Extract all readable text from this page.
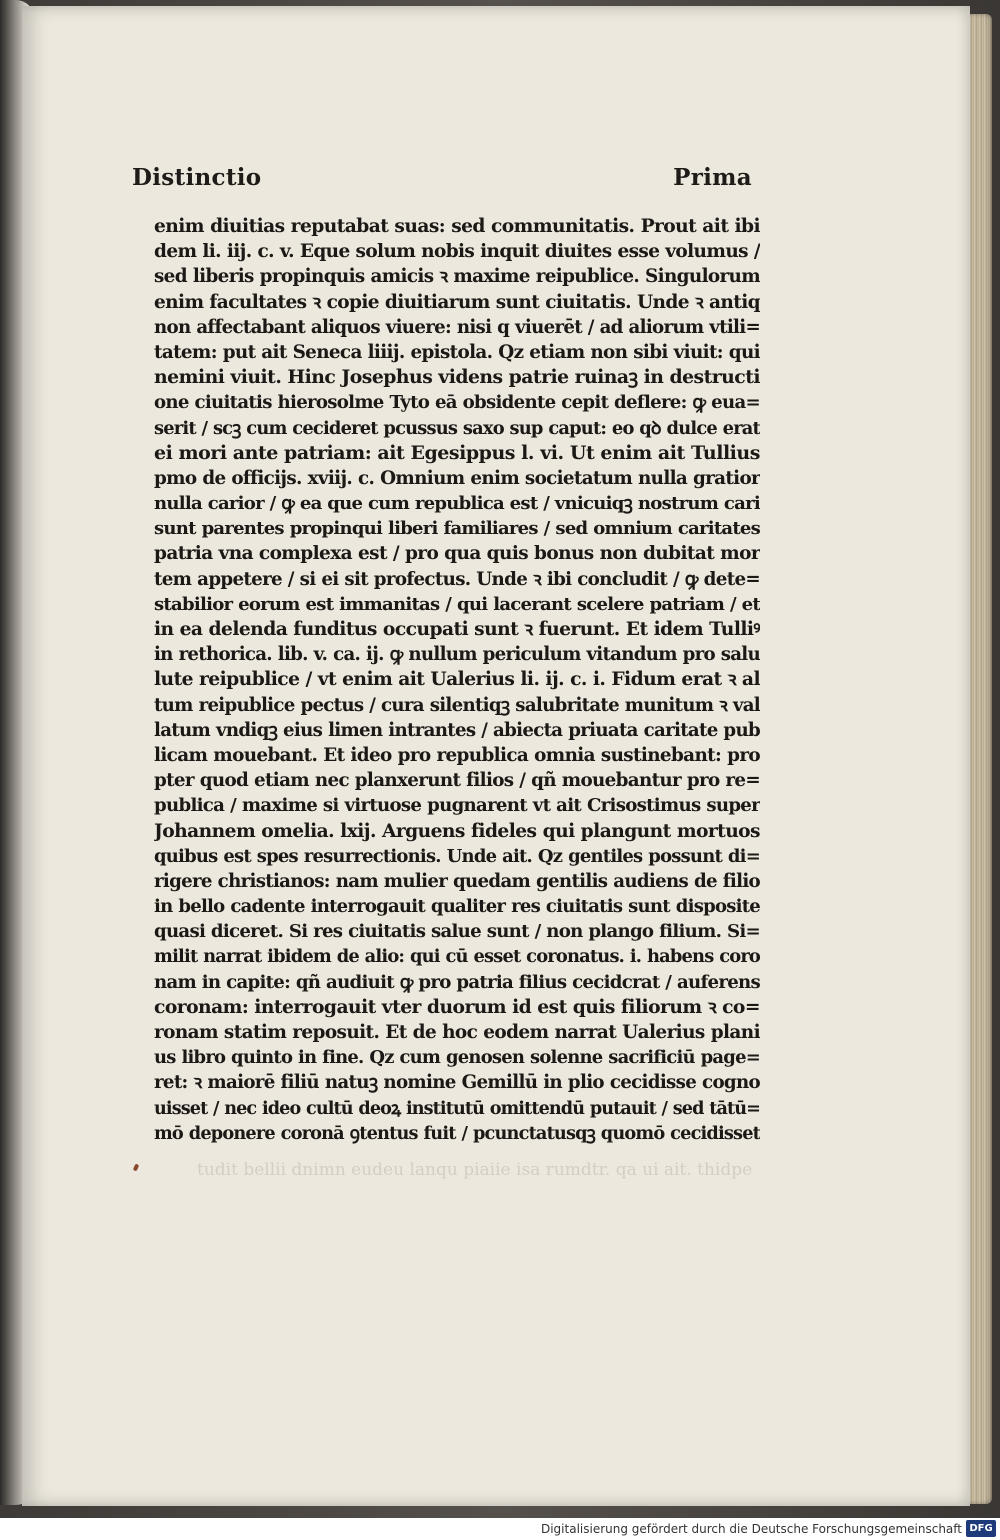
Distinctio	Prima
enim diuitias reputabat suas: sed communitatis. Prout ait ibi
dem li. iij. c. v. Eque solum nobis inquit diuites esse volumus /
sed liberis propinquis amicis ꝛ maxime reipublice. Singulorum
enim facultates ꝛ copie diuitiarum sunt ciuitatis. Unde ꝛ antiq
non affectabant aliquos viuere: nisi q viuerēt / ad aliorum vtili=
tatem: put ait Seneca liiij. epistola. Qz etiam non sibi viuit: qui
nemini viuit. Hinc Josephus videns patrie ruinaꝫ in destructi
one ciuitatis hierosolme Tyto eā obsidente cepit deflere: ꝙ eua=
serit / scꝫ cum cecideret pcussus saxo sup caput: eo qꝺ dulce erat
ei mori ante patriam: ait Egesippus l. vi. Ut enim ait Tullius
pmo de officijs. xviij. c. Omnium enim societatum nulla gratior
nulla carior / ꝙ ea que cum republica est / vnicuiqꝫ nostrum cari
sunt parentes propinqui liberi familiares / sed omnium caritates
patria vna complexa est / pro qua quis bonus non dubitat mor
tem appetere / si ei sit profectus. Unde ꝛ ibi concludit / ꝙ dete=
stabilior eorum est immanitas / qui lacerant scelere patriam / et
in ea delenda funditus occupati sunt ꝛ fuerunt. Et idem Tulliꝰ
in rethorica. lib. v. ca. ij. ꝙ nullum periculum vitandum pro salu
lute reipublice / vt enim ait Ualerius li. ij. c. i. Fidum erat ꝛ al
tum reipublice pectus / cura silentiqꝫ salubritate munitum ꝛ val
latum vndiqꝫ eius limen intrantes / abiecta priuata caritate pub
licam mouebant. Et ideo pro republica omnia sustinebant: pro
pter quod etiam nec planxerunt filios / qñ mouebantur pro re=
publica / maxime si virtuose pugnarent vt ait Crisostimus super
Johannem omelia. lxij. Arguens fideles qui plangunt mortuos
quibus est spes resurrectionis. Unde ait. Qz gentiles possunt di=
rigere christianos: nam mulier quedam gentilis audiens de filio
in bello cadente interrogauit qualiter res ciuitatis sunt disposite
quasi diceret. Si res ciuitatis salue sunt / non plango filium. Si=
milit narrat ibidem de alio: qui cū esset coronatus. i. habens coro
nam in capite: qñ audiuit ꝙ pro patria filius cecidcrat / auferens
coronam: interrogauit vter duorum id est quis filiorum ꝛ co=
ronam statim reposuit. Et de hoc eodem narrat Ualerius plani
us libro quinto in fine. Qz cum genosen solenne sacrificiū page=
ret: ꝛ maiorē filiū natuꝫ nomine Gemillū in plio cecidisse cogno
uisset / nec ideo cultū deoꝝ institutū omittendū putauit / sed tātū=
mō deponere coronā ꝯtentus fuit / pcunctatusqꝫ quomō cecidisset
tudit bellii dnimn eudeu lanqu piaiie isa rumdtr. qa ui ait. thidpe
Digitalisierung gefördert durch die Deutsche Forschungsgemeinschaft DFG
